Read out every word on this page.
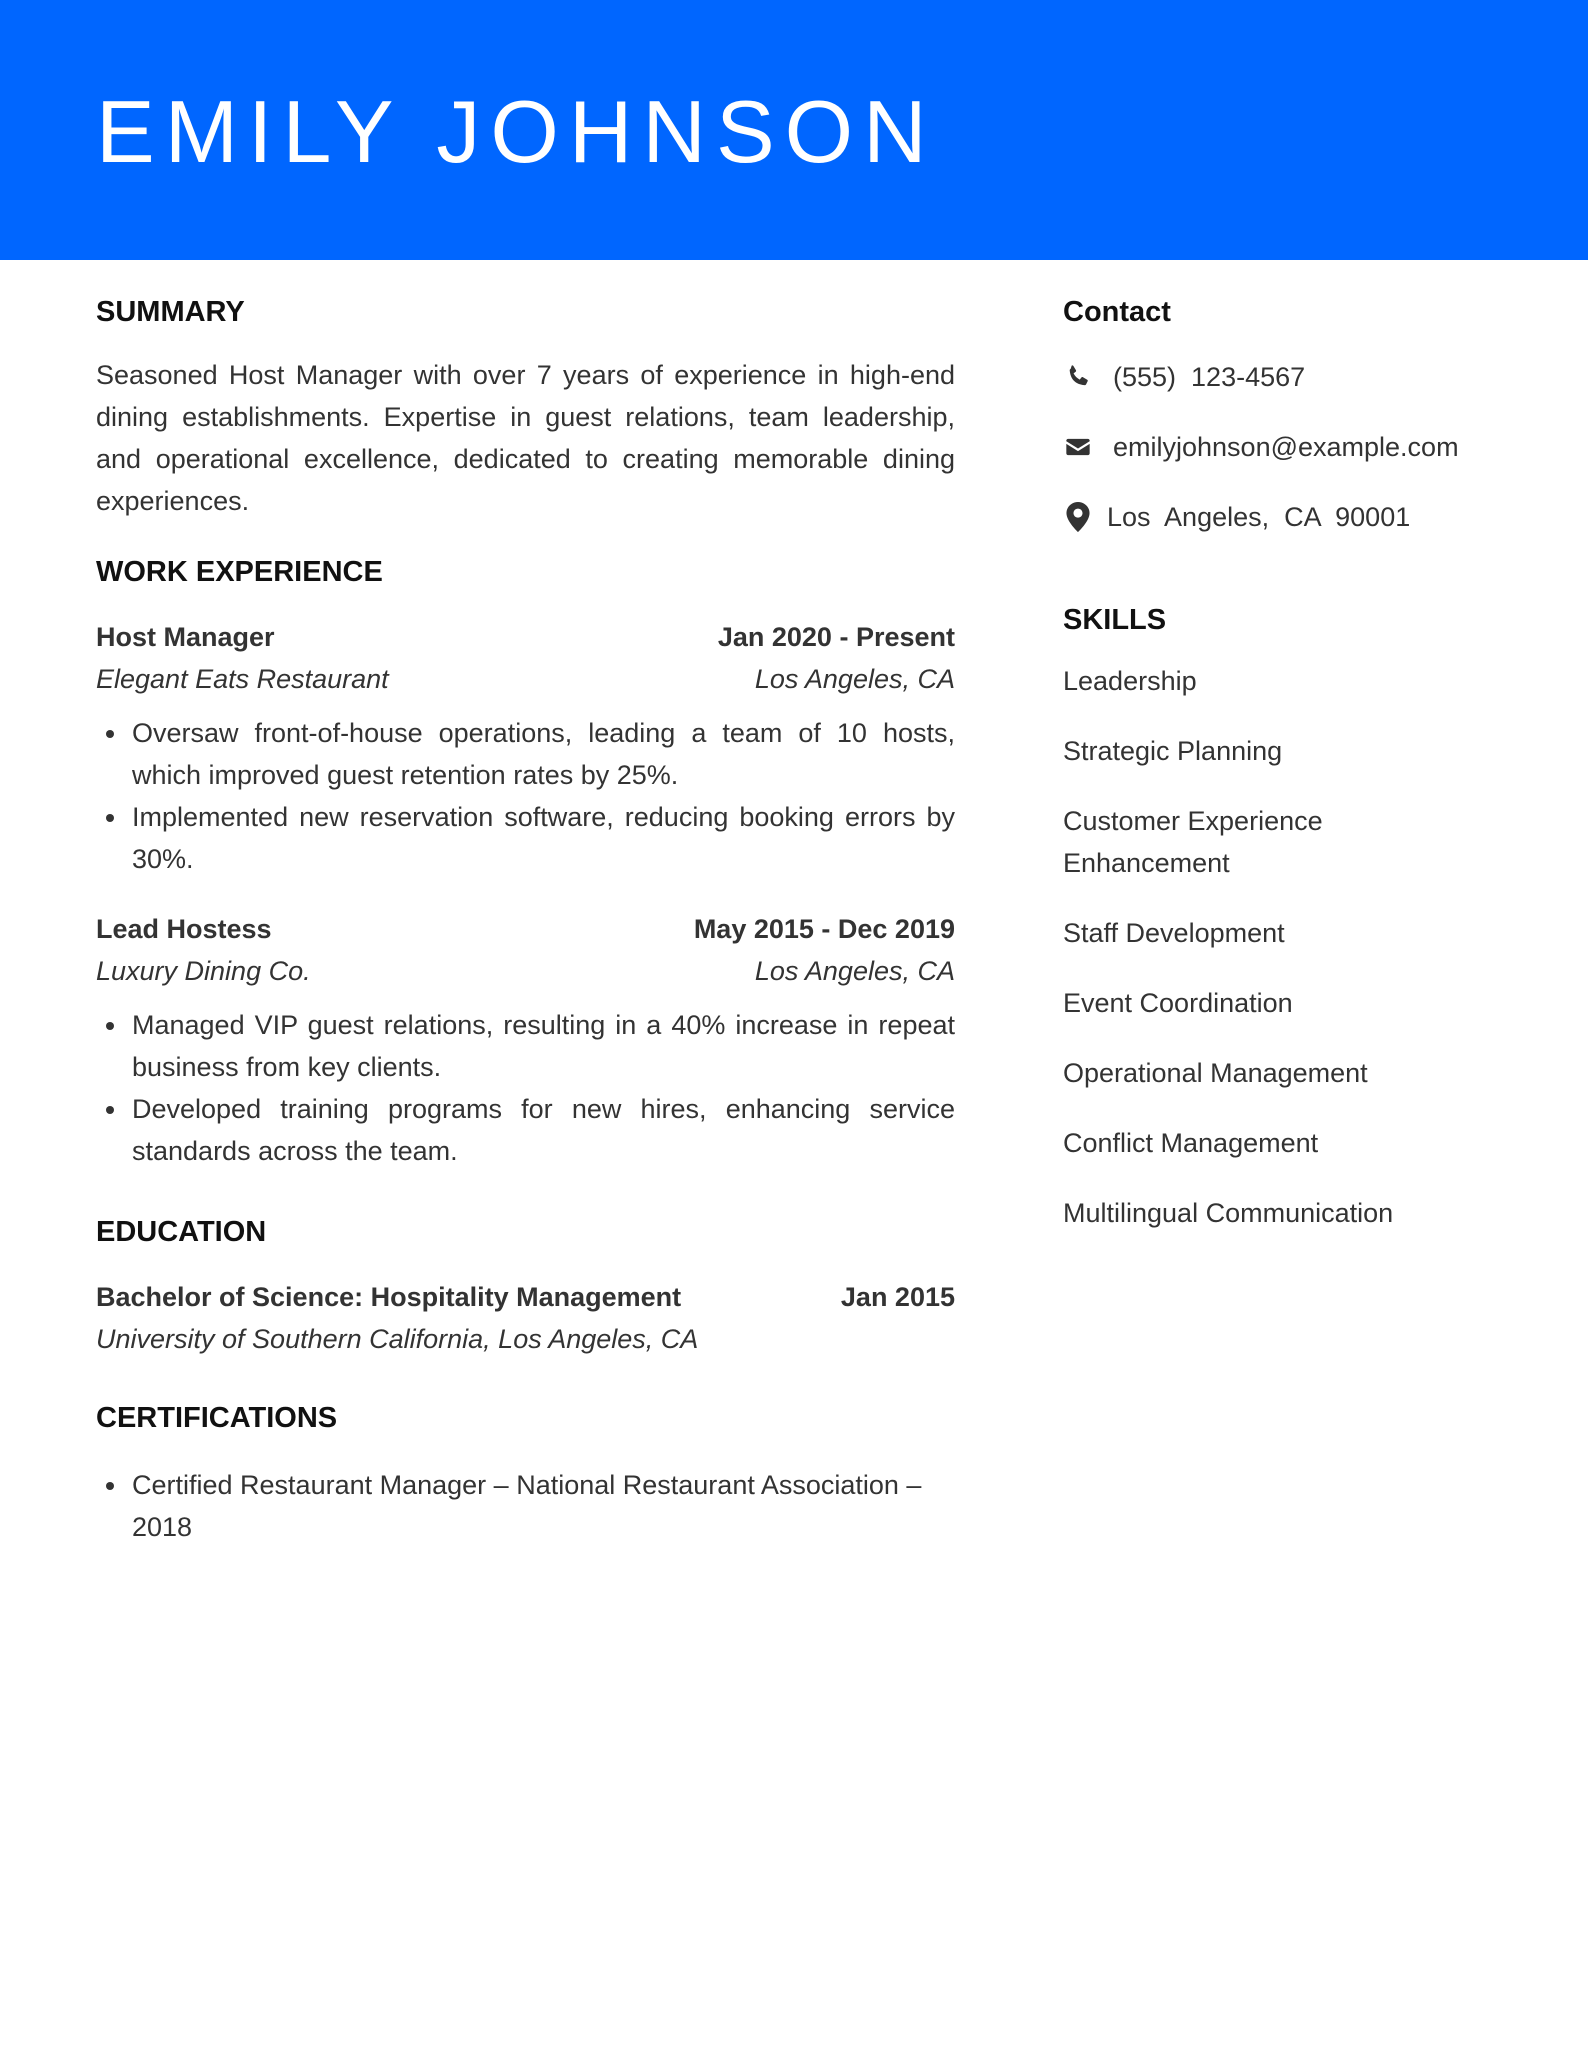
EMILY JOHNSON
SUMMARY

Seasoned Host Manager with over 7 years of experience in high-end dining establishments. Expertise in guest relations, team leadership, and operational excellence, dedicated to creating memorable dining experiences.

WORK EXPERIENCE
Host Manager	Jan 2020 - Present
Elegant Eats Restaurant	Los Angeles, CA
Oversaw front-of-house operations, leading a team of 10 hosts, which improved guest retention rates by 25%.
Implemented new reservation software, reducing booking errors by 30%.
Lead Hostess	May 2015 - Dec 2019
Luxury Dining Co.	Los Angeles, CA
Managed VIP guest relations, resulting in a 40% increase in repeat business from key clients.
Developed training programs for new hires, enhancing service standards across the team.
EDUCATION
Bachelor of Science: Hospitality Management	Jan 2015
University of Southern California, Los Angeles, CA
CERTIFICATIONS
Certified Restaurant Manager – National Restaurant Association – 2018
Contact
(555)  123-4567
emilyjohnson@example.com
Los  Angeles,  CA  90001
SKILLS
Leadership
Strategic Planning
Customer Experience Enhancement
Staff Development
Event Coordination
Operational Management
Conflict Management
Multilingual Communication
